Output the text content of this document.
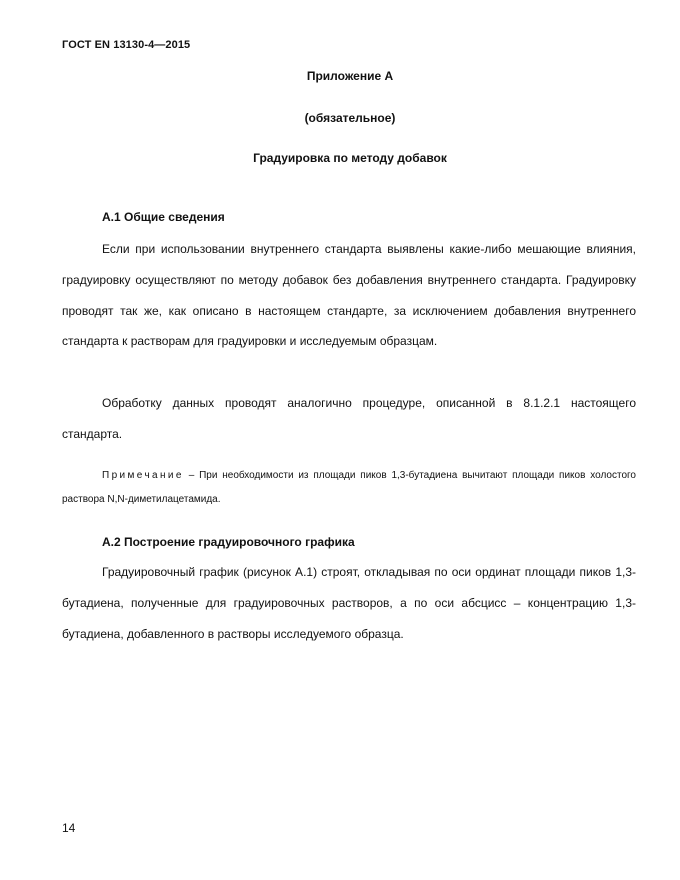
ГОСТ EN 13130-4—2015
Приложение А
(обязательное)
Градуировка по методу добавок
А.1 Общие сведения

Если при использовании внутреннего стандарта выявлены какие-либо мешающие влияния, градуировку осуществляют по методу добавок без добавления внутреннего стандарта. Градуировку проводят так же, как описано в настоящем стандарте, за исключением добавления внутреннего стандарта к растворам для градуировки и исследуемым образцам.

Обработку данных проводят аналогично процедуре, описанной в 8.1.2.1 настоящего стандарта.

Примечание – При необходимости из площади пиков 1,3-бутадиена вычитают площади пиков холостого раствора N,N-диметилацетамида.

А.2 Построение градуировочного графика

Градуировочный график (рисунок А.1) строят, откладывая по оси ординат площади пиков 1,3-бутадиена, полученные для градуировочных растворов, а по оси абсцисс – концентрацию 1,3-бутадиена, добавленного в растворы исследуемого образца.

14
